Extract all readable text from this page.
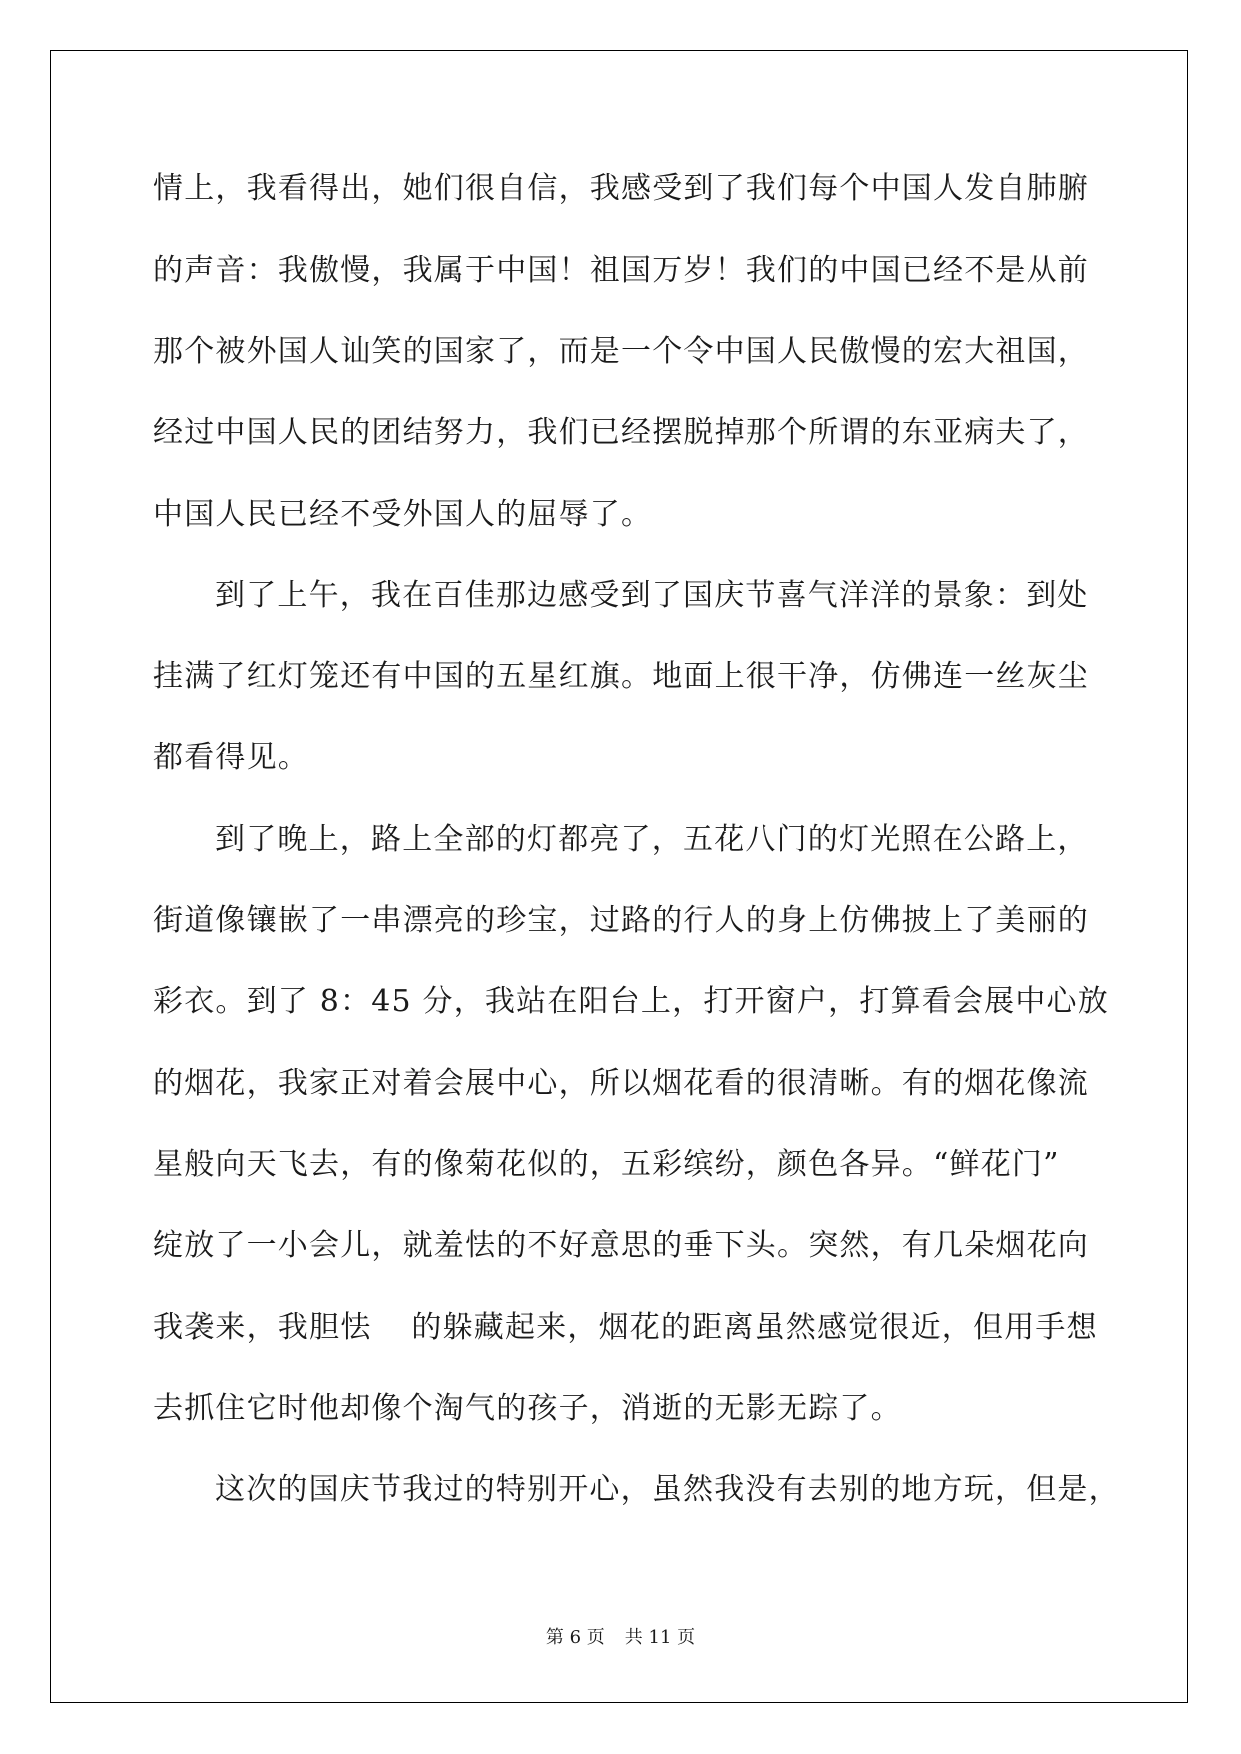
情上，我看得出，她们很自信，我感受到了我们每个中国人发自肺腑

的声音：我傲慢，我属于中国！祖国万岁！我们的中国已经不是从前

那个被外国人讪笑的国家了，而是一个令中国人民傲慢的宏大祖国，

经过中国人民的团结努力，我们已经摆脱掉那个所谓的东亚病夫了，

中国人民已经不受外国人的屈辱了。

到了上午，我在百佳那边感受到了国庆节喜气洋洋的景象：到处

挂满了红灯笼还有中国的五星红旗。地面上很干净，仿佛连一丝灰尘

都看得见。

到了晚上，路上全部的灯都亮了，五花八门的灯光照在公路上，

街道像镶嵌了一串漂亮的珍宝，过路的行人的身上仿佛披上了美丽的

彩衣。到了 8：45 分，我站在阳台上，打开窗户，打算看会展中心放

的烟花，我家正对着会展中心，所以烟花看的很清晰。有的烟花像流

星般向天飞去，有的像菊花似的，五彩缤纷，颜色各异。“鲜花门”

绽放了一小会儿，就羞怯的不好意思的垂下头。突然，有几朵烟花向

我袭来，我胆怯 的躲藏起来，烟花的距离虽然感觉很近，但用手想

去抓住它时他却像个淘气的孩子，消逝的无影无踪了。

这次的国庆节我过的特别开心，虽然我没有去别的地方玩，但是，

第 6 页 共 11 页
